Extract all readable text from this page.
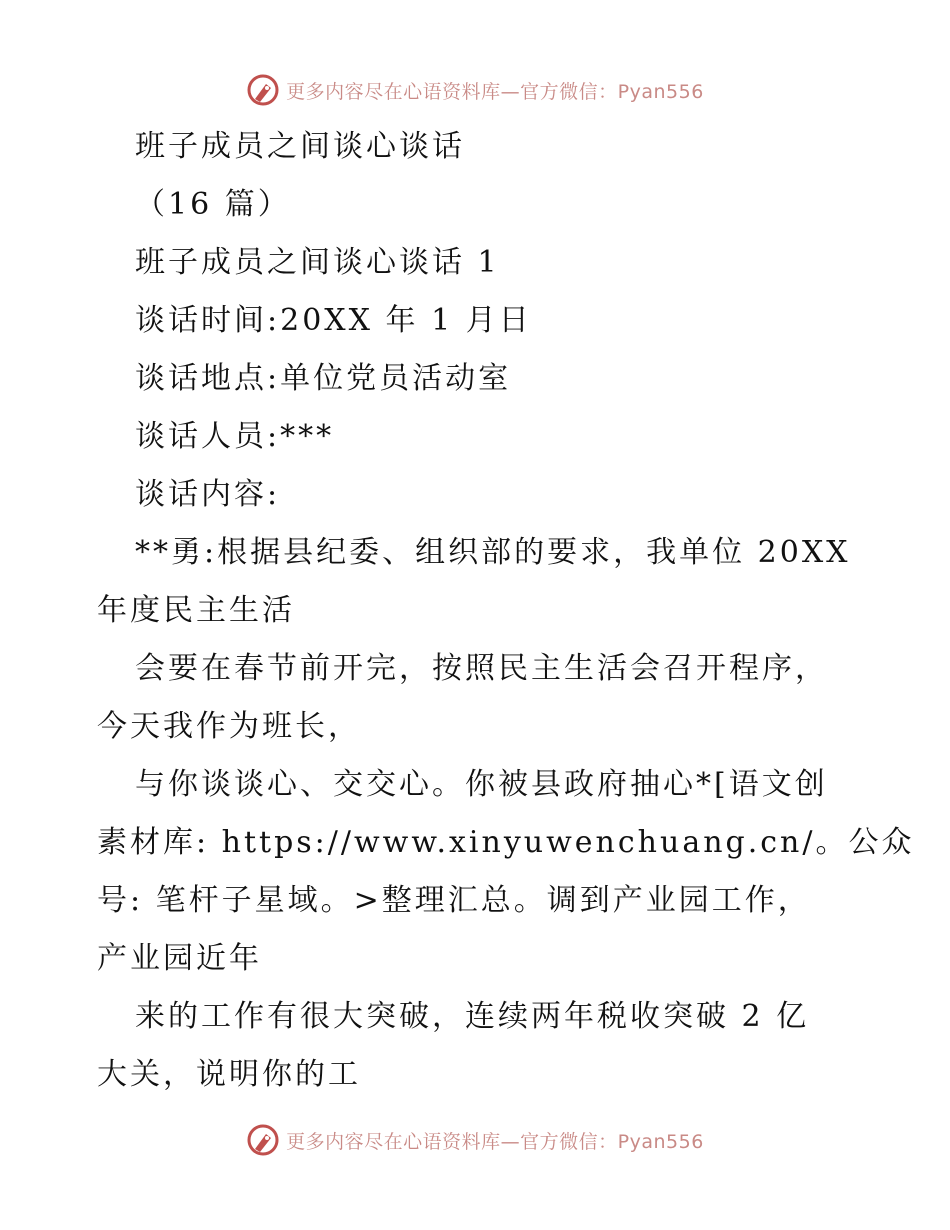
更多内容尽在心语资料库—官方微信：Pyan556
班子成员之间谈心谈话
（16 篇）
班子成员之间谈心谈话 1
谈话时间:20XX 年 1 月日
谈话地点:单位党员活动室
谈话人员:***
谈话内容:
**勇:根据县纪委、组织部的要求，我单位 20XX
年度民主生活
会要在春节前开完，按照民主生活会召开程序，
今天我作为班长，
与你谈谈心、交交心。你被县政府抽心*[语文创
素材库: https://www.xinyuwenchuang.cn/。公众
号: 笔杆子星域。>整理汇总。调到产业园工作，
产业园近年
来的工作有很大突破，连续两年税收突破 2 亿
大关，说明你的工
更多内容尽在心语资料库—官方微信：Pyan556
